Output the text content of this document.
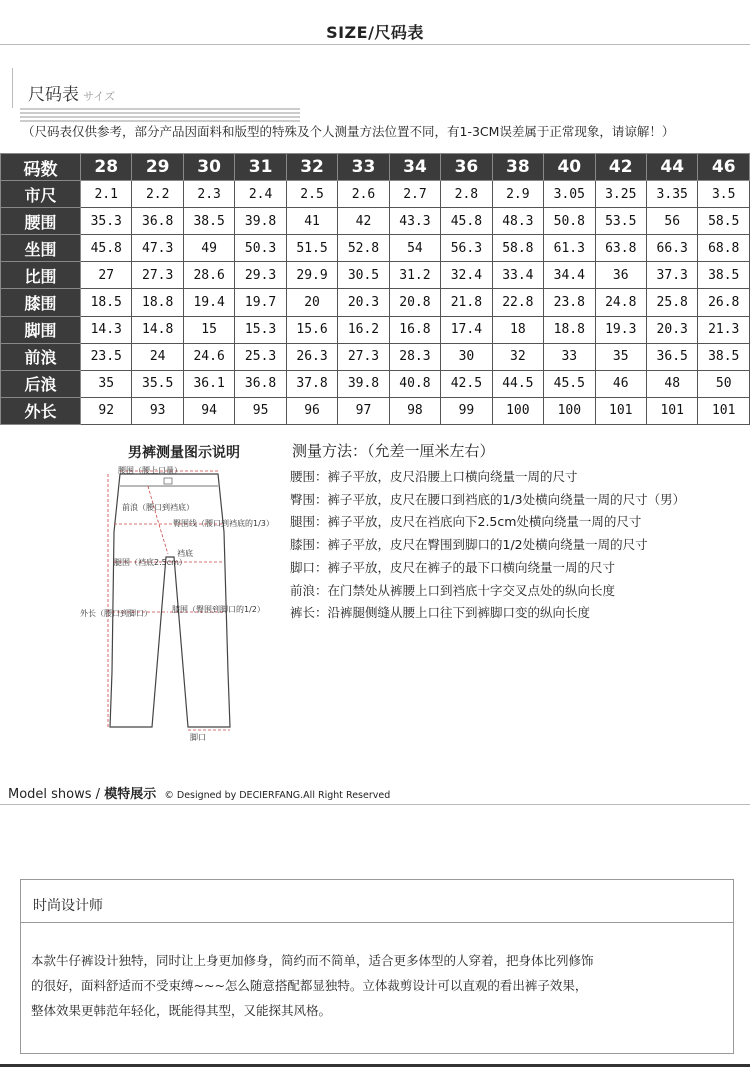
SIZE/尺码表
尺码表 サイズ
（尺码表仅供参考，部分产品因面料和版型的特殊及个人测量方法位置不同，有1-3CM误差属于正常现象，请谅解！）
码数	28	29	30	31	32	33	34	36	38	40	42	44	46
市尺	2.1	2.2	2.3	2.4	2.5	2.6	2.7	2.8	2.9	3.05	3.25	3.35	3.5
腰围	35.3	36.8	38.5	39.8	41	42	43.3	45.8	48.3	50.8	53.5	56	58.5
坐围	45.8	47.3	49	50.3	51.5	52.8	54	56.3	58.8	61.3	63.8	66.3	68.8
比围	27	27.3	28.6	29.3	29.9	30.5	31.2	32.4	33.4	34.4	36	37.3	38.5
膝围	18.5	18.8	19.4	19.7	20	20.3	20.8	21.8	22.8	23.8	24.8	25.8	26.8
脚围	14.3	14.8	15	15.3	15.6	16.2	16.8	17.4	18	18.8	19.3	20.3	21.3
前浪	23.5	24	24.6	25.3	26.3	27.3	28.3	30	32	33	35	36.5	38.5
后浪	35	35.5	36.1	36.8	37.8	39.8	40.8	42.5	44.5	45.5	46	48	50
外长	92	93	94	95	96	97	98	99	100	100	101	101	101
男裤测量图示说明
腰围（腰上口量）
前浪（腰口到裆底）
臀围线（腰口到裆底的1/3）
裆底
腿围（裆底2.5cm）
外长（腰口到脚口）	膝围（臀围到脚口的1/2）
脚口
测量方法：（允差一厘米左右）
腰围：裤子平放，皮尺沿腰上口横向绕量一周的尺寸
臀围：裤子平放，皮尺在腰口到裆底的1/3处横向绕量一周的尺寸（男）
腿围：裤子平放，皮尺在裆底向下2.5cm处横向绕量一周的尺寸
膝围：裤子平放，皮尺在臀围到脚口的1/2处横向绕量一周的尺寸
脚口：裤子平放，皮尺在裤子的最下口横向绕量一周的尺寸
前浪：在门禁处从裤腰上口到裆底十字交叉点处的纵向长度
裤长：沿裤腿侧缝从腰上口往下到裤脚口变的纵向长度
Model shows / 模特展示 © Designed by DECIERFANG.All Right Reserved
时尚设计师
本款牛仔裤设计独特，同时让上身更加修身，简约而不简单，适合更多体型的人穿着，把身体比列修饰
的很好，面料舒适而不受束缚~~~怎么随意搭配都显独特。立体裁剪设计可以直观的看出裤子效果，
整体效果更韩范年轻化，既能得其型，又能探其风格。
